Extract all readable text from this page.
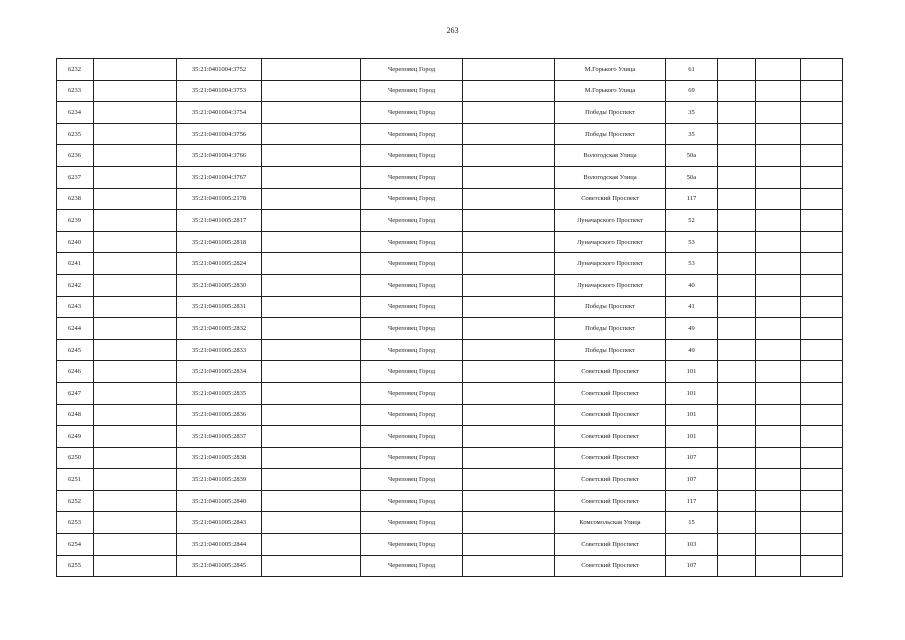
263
6232		35:21:0401004:3752		Череповец Город		М.Горького Улица	61			
6233		35:21:0401004:3753		Череповец Город		М.Горького Улица	69			
6234		35:21:0401004:3754		Череповец Город		Победы Проспект	35			
6235		35:21:0401004:3756		Череповец Город		Победы Проспект	35			
6236		35:21:0401004:3766		Череповец Город		Вологодская Улица	50а			
6237		35:21:0401004:3767		Череповец Город		Вологодская Улица	50а			
6238		35:21:0401005:2178		Череповец Город		Советский Проспект	117			
6239		35:21:0401005:2817		Череповец Город		Луначарского Проспект	52			
6240		35:21:0401005:2818		Череповец Город		Луначарского Проспект	53			
6241		35:21:0401005:2824		Череповец Город		Луначарского Проспект	53			
6242		35:21:0401005:2830		Череповец Город		Луначарского Проспект	40			
6243		35:21:0401005:2831		Череповец Город		Победы Проспект	41			
6244		35:21:0401005:2832		Череповец Город		Победы Проспект	49			
6245		35:21:0401005:2833		Череповец Город		Победы Проспект	49			
6246		35:21:0401005:2834		Череповец Город		Советский Проспект	101			
6247		35:21:0401005:2835		Череповец Город		Советский Проспект	101			
6248		35:21:0401005:2836		Череповец Город		Советский Проспект	101			
6249		35:21:0401005:2837		Череповец Город		Советский Проспект	101			
6250		35:21:0401005:2838		Череповец Город		Советский Проспект	107			
6251		35:21:0401005:2839		Череповец Город		Советский Проспект	107			
6252		35:21:0401005:2840		Череповец Город		Советский Проспект	117			
6253		35:21:0401005:2843		Череповец Город		Комсомольская Улица	15			
6254		35:21:0401005:2844		Череповец Город		Советский Проспект	103			
6255		35:21:0401005:2845		Череповец Город		Советский Проспект	107			
